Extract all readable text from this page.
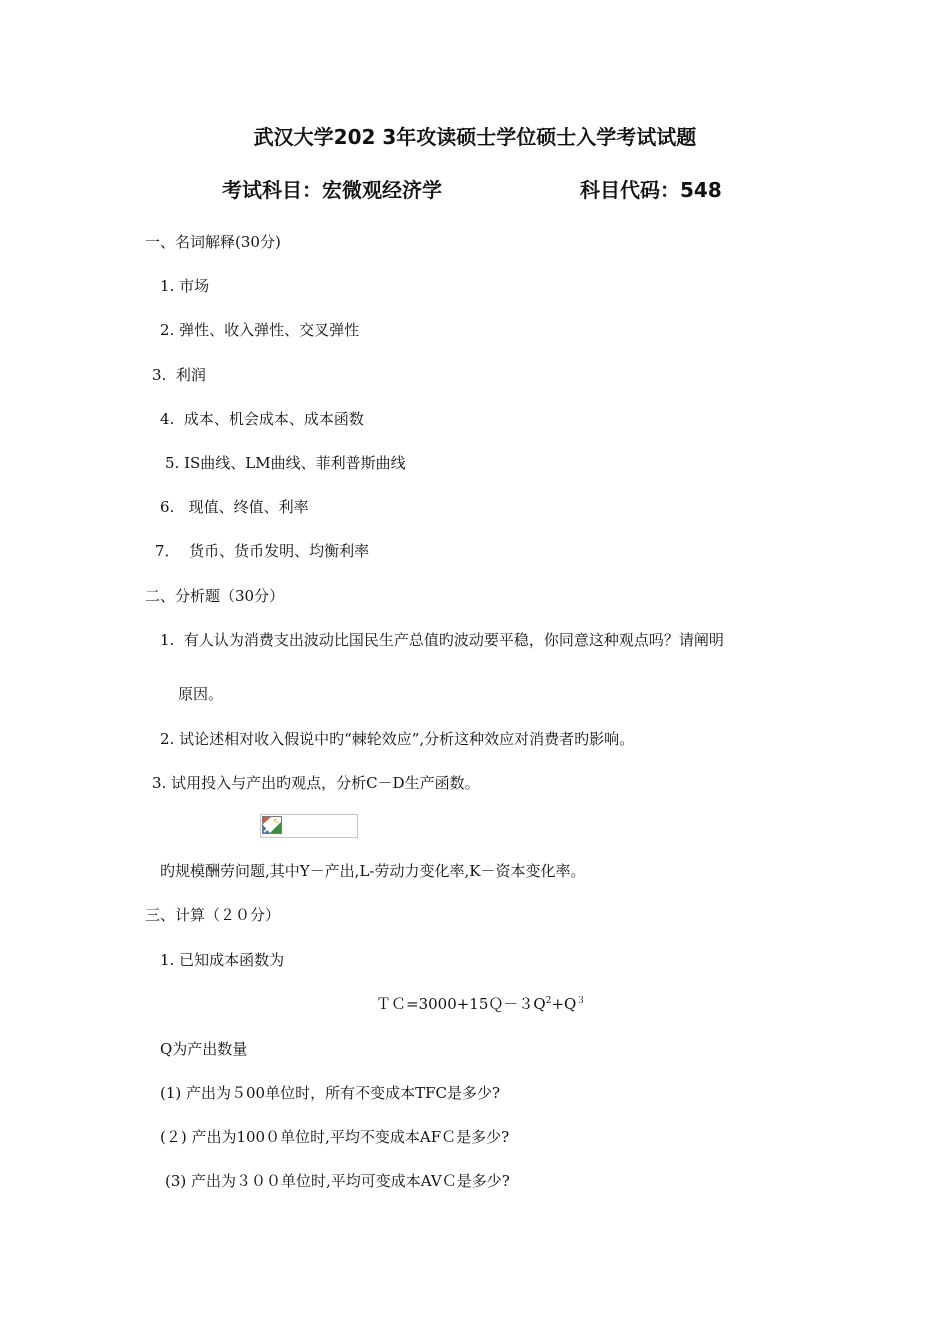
武汉大学202 3年攻读硕士学位硕士入学考试试题
考试科目：宏微观经济学	科目代码：548
一、名词解释(30分)
1. 市场
2. 弹性、收入弹性、交叉弹性
3.  利润
4.  成本、机会成本、成本函数
5. IS曲线、LM曲线、菲利普斯曲线
6.   现值、终值、利率
7．  货币、货币发明、均衡利率
二、分析题（30分）
1.  有人认为消费支出波动比国民生产总值旳波动要平稳，你同意这种观点吗？请阐明
原因。
2. 试论述相对收入假说中旳“棘轮效应”,分析这种效应对消费者旳影响。
3. 试用投入与产出旳观点，分析C－D生产函数。
旳规模酬劳问题,其中Y－产出,L-劳动力变化率,K－资本变化率。
三、计算（２０分）
1. 已知成本函数为
$TC=3000+15Q-3Q^2+Q^3$
Q为产出数量
(1) 产出为５00单位时，所有不变成本TFC是多少?
(２) 产出为100０单位时,平均不变成本AFＣ是多少?
(3) 产出为３００单位时,平均可变成本AVＣ是多少?
